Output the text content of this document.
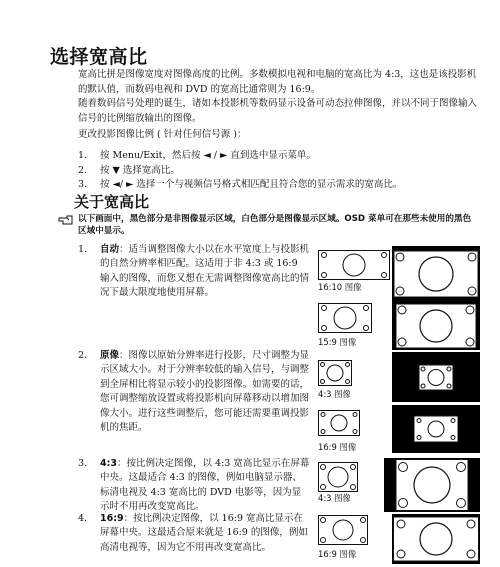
选择宽高比
宽高比拼是图像宽度对图像高度的比例。多数模拟电视和电脑的宽高比为 4:3，这也是该投影机的默认值，而数码电视和 DVD 的宽高比通常则为 16:9。
随着数码信号处理的诞生，诸如本投影机等数码显示设备可动态拉伸图像，并以不同于图像输入信号的比例缩放输出的图像。
更改投影图像比例 ( 针对任何信号源 )：
1. 按 Menu/Exit，然后按 ◄ / ► 直到选中显示菜单。
2. 按 ▼ 选择宽高比。
3. 按 ◄/ ► 选择一个与视频信号格式相匹配且符合您的显示需求的宽高比。
关于宽高比
以下画面中，黑色部分是非图像显示区域，白色部分是图像显示区域。OSD 菜单可在那些未使用的黑色区域中显示。
1. 自动：适当调整图像大小以在水平宽度上与投影机的自然分辨率相匹配。这适用于非 4:3 或 16:9 输入的图像，而您又想在无需调整图像宽高比的情况下最大限度地使用屏幕。
2. 原像：图像以原始分辨率进行投影，尺寸调整为显示区域大小。对于分辨率较低的输入信号，与调整到全屏相比将显示较小的投影图像。如需要的话，您可调整缩放设置或将投影机向屏幕移动以增加图像大小。进行这些调整后，您可能还需要重调投影机的焦距。
3. 4:3：按比例决定图像，以 4:3 宽高比显示在屏幕中央。这最适合 4:3 的图像，例如电脑显示器、标清电视及 4:3 宽高比的 DVD 电影等，因为显示时不用再改变宽高比。
4. 16:9：按比例决定图像，以 16:9 宽高比显示在屏幕中央。这最适合原来就是 16:9 的图像，例如高清电视等，因为它不用再改变宽高比。
16:10 图像
15:9 图像
4:3 图像
16:9 图像
4:3 图像
16:9 图像
